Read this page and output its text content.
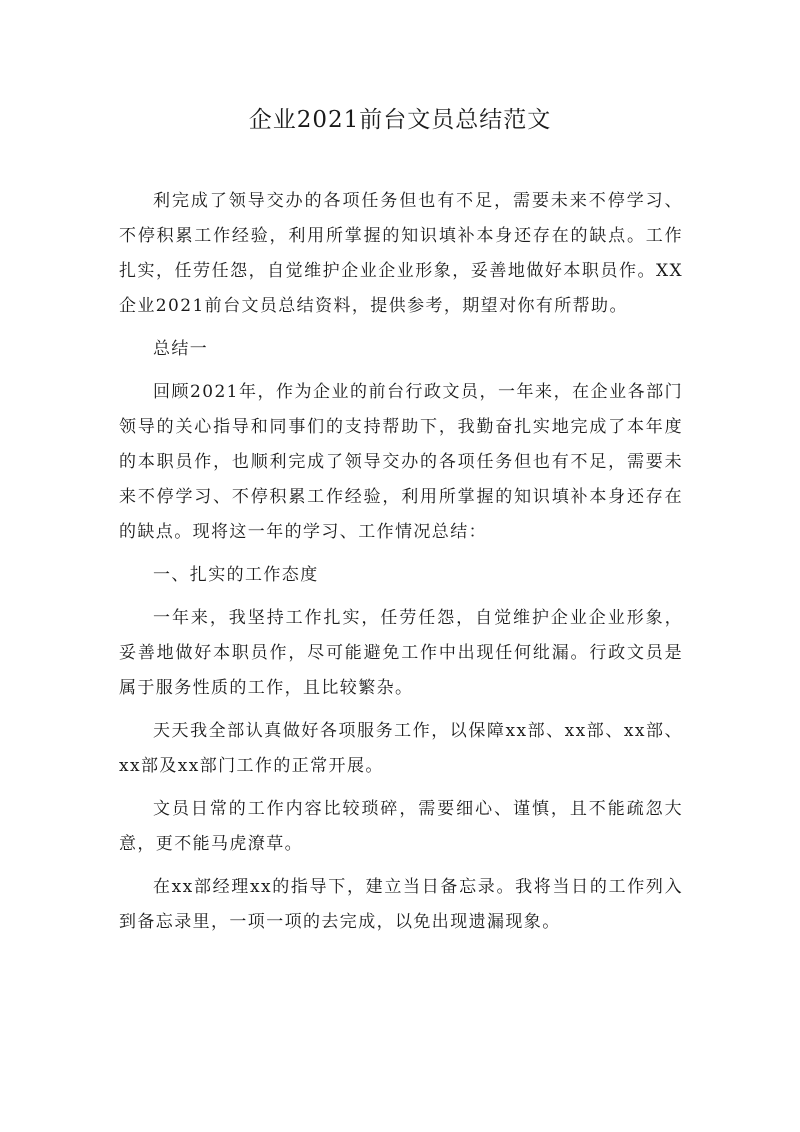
企业2021前台文员总结范文

利完成了领导交办的各项任务但也有不足，需要未来不停学习、不停积累工作经验，利用所掌握的知识填补本身还存在的缺点。工作扎实，任劳任怨，自觉维护企业企业形象，妥善地做好本职员作。XX企业2021前台文员总结资料，提供参考，期望对你有所帮助。

总结一

回顾2021年，作为企业的前台行政文员，一年来，在企业各部门领导的关心指导和同事们的支持帮助下，我勤奋扎实地完成了本年度的本职员作，也顺利完成了领导交办的各项任务但也有不足，需要未来不停学习、不停积累工作经验，利用所掌握的知识填补本身还存在的缺点。现将这一年的学习、工作情况总结：

一、扎实的工作态度

一年来，我坚持工作扎实，任劳任怨，自觉维护企业企业形象，妥善地做好本职员作，尽可能避免工作中出现任何纰漏。行政文员是属于服务性质的工作，且比较繁杂。

天天我全部认真做好各项服务工作，以保障xx部、xx部、xx部、xx部及xx部门工作的正常开展。

文员日常的工作内容比较琐碎，需要细心、谨慎，且不能疏忽大意，更不能马虎潦草。

在xx部经理xx的指导下，建立当日备忘录。我将当日的工作列入到备忘录里，一项一项的去完成，以免出现遗漏现象。
